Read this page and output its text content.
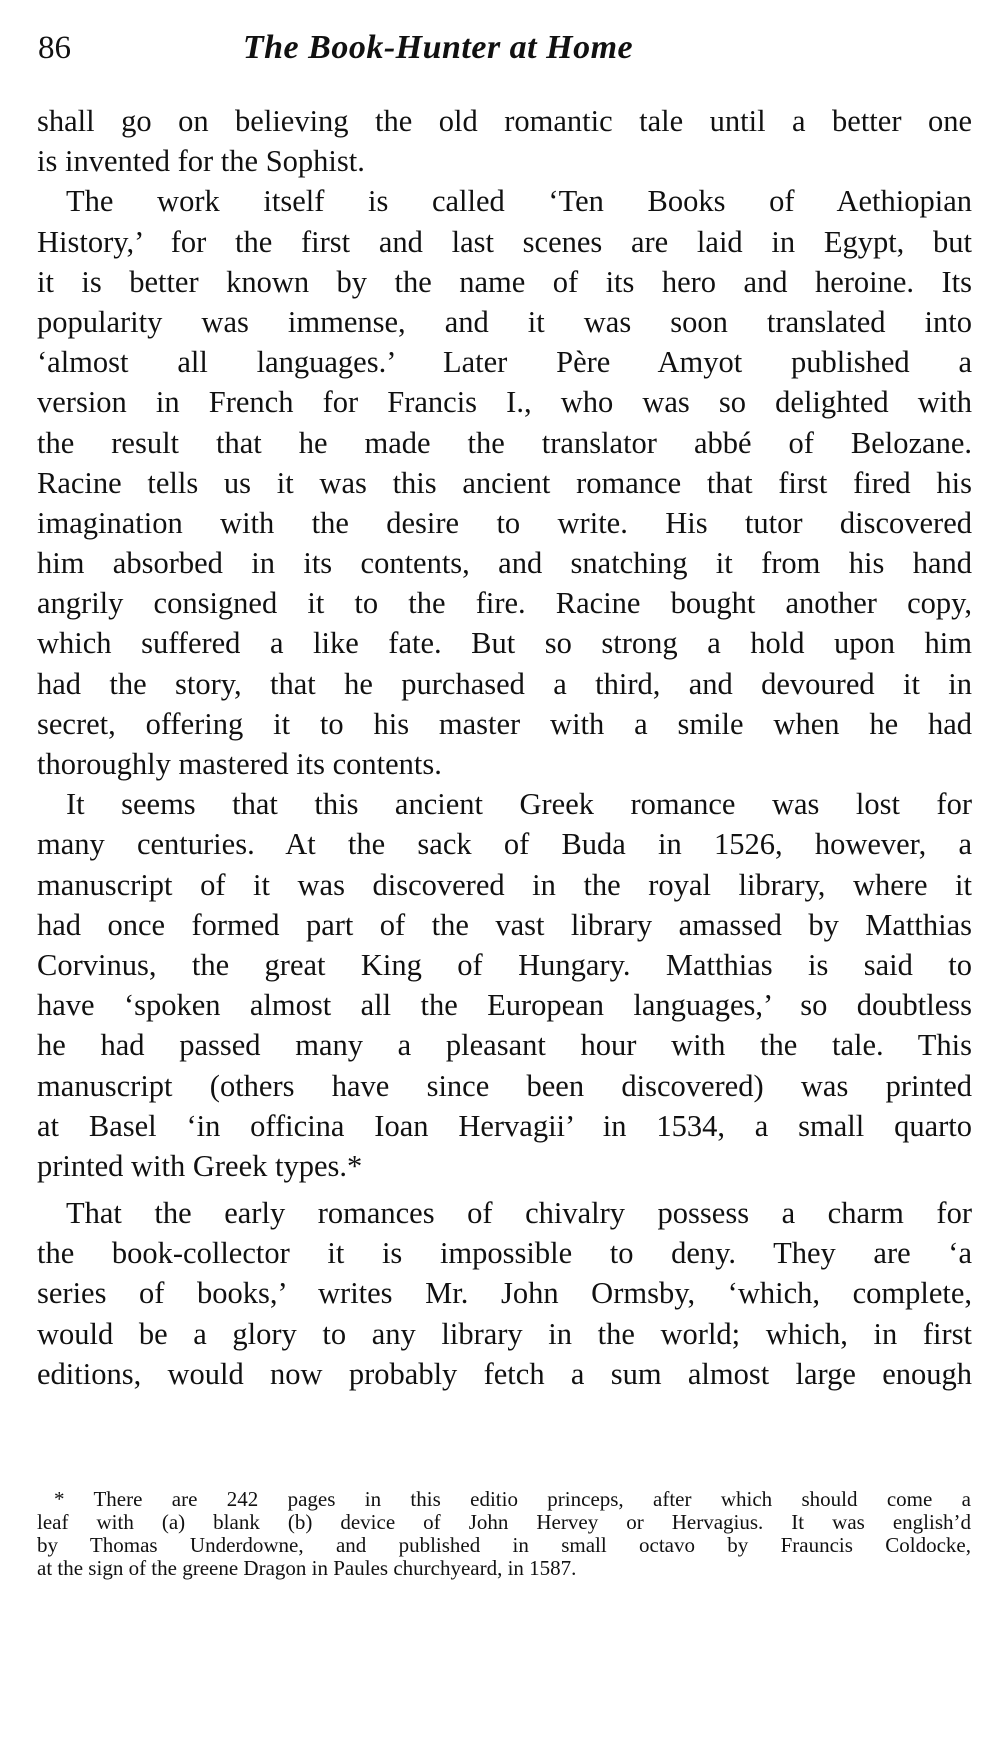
86	The Book-Hunter at Home
shall go on believing the old romantic tale until a better one
is invented for the Sophist.
The work itself is called ‘Ten Books of Aethiopian
History,’ for the first and last scenes are laid in Egypt, but
it is better known by the name of its hero and heroine. Its
popularity was immense, and it was soon translated into
‘almost all languages.’ Later Père Amyot published a
version in French for Francis I., who was so delighted with
the result that he made the translator abbé of Belozane.
Racine tells us it was this ancient romance that first fired his
imagination with the desire to write. His tutor discovered
him absorbed in its contents, and snatching it from his hand
angrily consigned it to the fire. Racine bought another copy,
which suffered a like fate. But so strong a hold upon him
had the story, that he purchased a third, and devoured it in
secret, offering it to his master with a smile when he had
thoroughly mastered its contents.
It seems that this ancient Greek romance was lost for
many centuries. At the sack of Buda in 1526, however, a
manuscript of it was discovered in the royal library, where it
had once formed part of the vast library amassed by Matthias
Corvinus, the great King of Hungary. Matthias is said to
have ‘spoken almost all the European languages,’ so doubtless
he had passed many a pleasant hour with the tale. This
manuscript (others have since been discovered) was printed
at Basel ‘in officina Ioan Hervagii’ in 1534, a small quarto
printed with Greek types.*
That the early romances of chivalry possess a charm for
the book-collector it is impossible to deny. They are ‘a
series of books,’ writes Mr. John Ormsby, ‘which, complete,
would be a glory to any library in the world; which, in first
editions, would now probably fetch a sum almost large enough
* There are 242 pages in this editio princeps, after which should come a
leaf with (a) blank (b) device of John Hervey or Hervagius. It was english’d
by Thomas Underdowne, and published in small octavo by Frauncis Coldocke,
at the sign of the greene Dragon in Paules churchyeard, in 1587.
